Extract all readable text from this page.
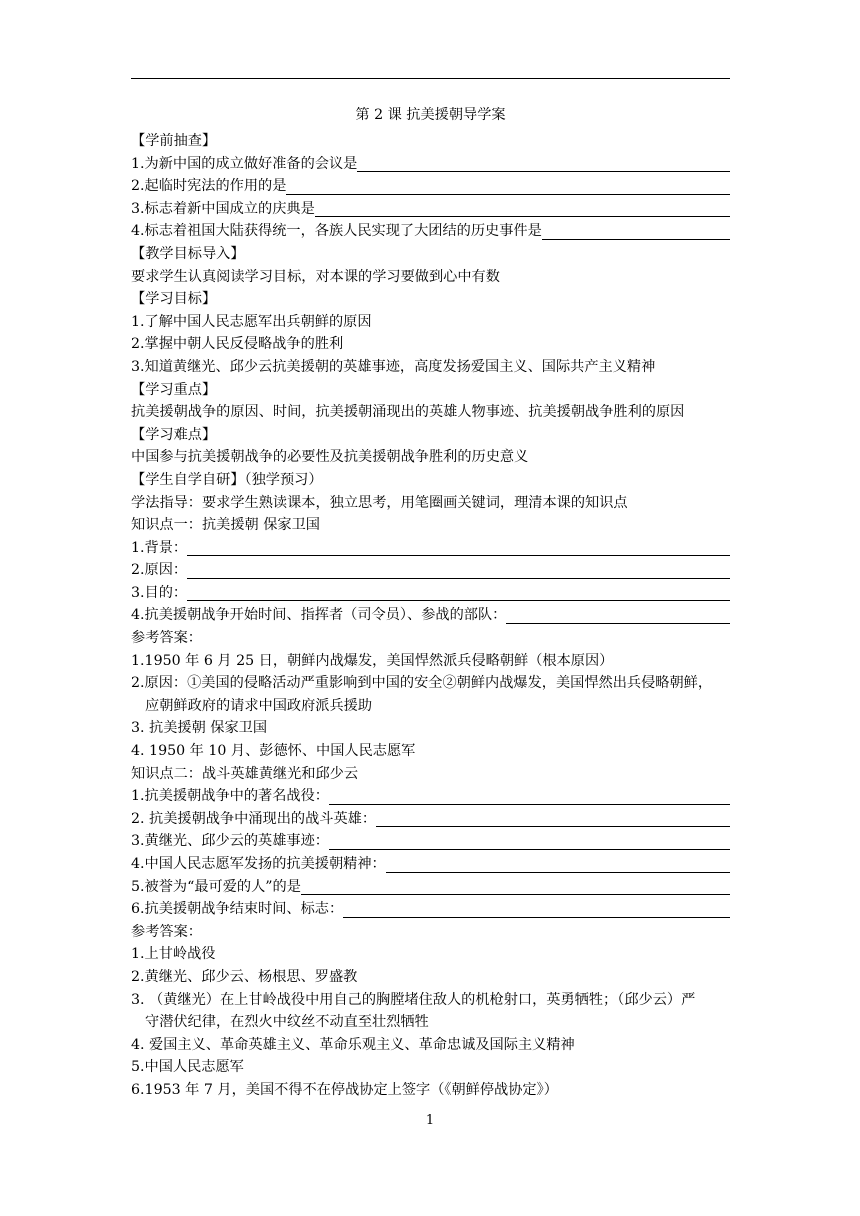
第 2 课 抗美援朝导学案
【学前抽查】
1.为新中国的成立做好准备的会议是
2.起临时宪法的作用的是
3.标志着新中国成立的庆典是
4.标志着祖国大陆获得统一，各族人民实现了大团结的历史事件是
【教学目标导入】
要求学生认真阅读学习目标，对本课的学习要做到心中有数
【学习目标】
1.了解中国人民志愿军出兵朝鲜的原因
2.掌握中朝人民反侵略战争的胜利
3.知道黄继光、邱少云抗美援朝的英雄事迹，高度发扬爱国主义、国际共产主义精神
【学习重点】
抗美援朝战争的原因、时间，抗美援朝涌现出的英雄人物事迹、抗美援朝战争胜利的原因
【学习难点】
中国参与抗美援朝战争的必要性及抗美援朝战争胜利的历史意义
【学生自学自研】（独学预习）
学法指导：要求学生熟读课本，独立思考，用笔圈画关键词，理清本课的知识点
知识点一：抗美援朝 保家卫国
1.背景：
2.原因：
3.目的：
4.抗美援朝战争开始时间、指挥者（司令员）、参战的部队：
参考答案：
1.1950 年 6 月 25 日，朝鲜内战爆发，美国悍然派兵侵略朝鲜（根本原因）
2.原因：①美国的侵略活动严重影响到中国的安全②朝鲜内战爆发，美国悍然出兵侵略朝鲜，
应朝鲜政府的请求中国政府派兵援助
3. 抗美援朝 保家卫国
4. 1950 年 10 月、彭德怀、中国人民志愿军
知识点二：战斗英雄黄继光和邱少云
1.抗美援朝战争中的著名战役：
2. 抗美援朝战争中涌现出的战斗英雄：
3.黄继光、邱少云的英雄事迹：
4.中国人民志愿军发扬的抗美援朝精神：
5.被誉为“最可爱的人”的是
6.抗美援朝战争结束时间、标志：
参考答案：
1.上甘岭战役
2.黄继光、邱少云、杨根思、罗盛教
3. （黄继光）在上甘岭战役中用自己的胸膛堵住敌人的机枪射口，英勇牺牲；（邱少云）严
守潜伏纪律，在烈火中纹丝不动直至壮烈牺牲
4. 爱国主义、革命英雄主义、革命乐观主义、革命忠诚及国际主义精神
5.中国人民志愿军
6.1953 年 7 月，美国不得不在停战协定上签字（《朝鲜停战协定》）
1
